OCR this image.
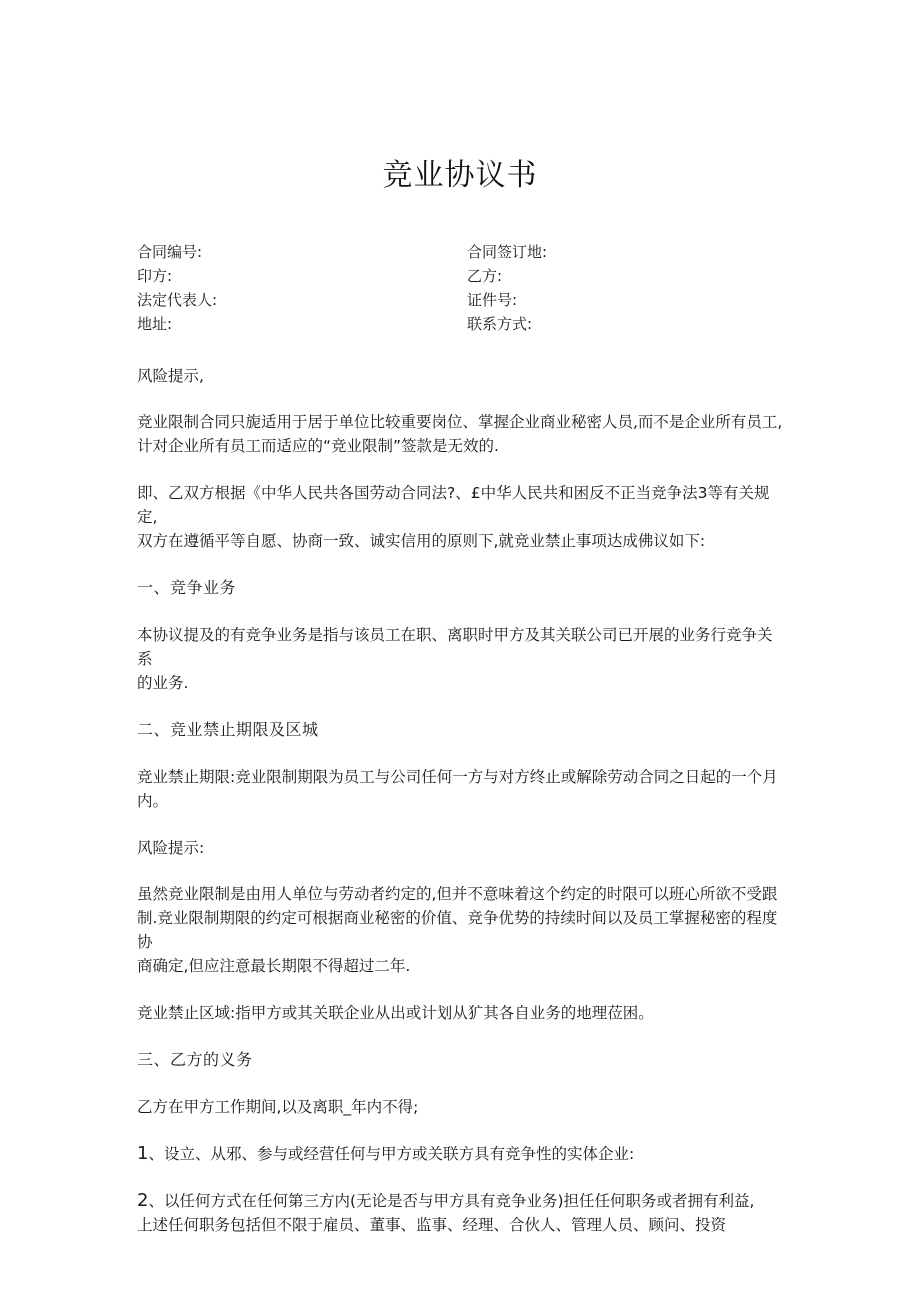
竞业协议书
合同编号:	合同签订地:
印方:	乙方:
法定代表人:	证件号:
地址:	联系方式:

风险提示,

竞业限制合同只旎适用于居于单位比较重要岗位、掌握企业商业秘密人员,而不是企业所有员工,
计对企业所有员工而适应的“竞业限制”签款是无效的.

即、乙双方根据《中华人民共各国劳动合同法?、£中华人民共和困反不正当竞争法3等有关规定,
双方在遵循平等自愿、协商一致、诚实信用的原则下,就竞业禁止事项达成佛议如下:

一、竞争业务

本协议提及的有竞争业务是指与该员工在职、离职时甲方及其关联公司已开展的业务行竞争关系
的业务.

二、竞业禁止期限及区城

竞业禁止期限:竞业限制期限为员工与公司任何一方与对方终止或解除劳动合同之日起的一个月
内。

风险提示:

虽然竞业限制是由用人单位与劳动者约定的,但并不意味着这个约定的时限可以班心所欲不受跟
制.竞业限制期限的约定可根据商业秘密的价值、竞争优势的持续时间以及员工掌握秘密的程度协
商确定,但应注意最长期限不得超过二年.

竞业禁止区域:指甲方或其关联企业从出或计划从犷其各自业务的地理莅困。

三、乙方的义务

乙方在甲方工作期间,以及离职_年内不得;

1、设立、从邪、参与或经营任何与甲方或关联方具有竞争性的实体企业:

2、以任何方式在任何第三方内(无论是否与甲方具有竞争业务)担任任何职务或者拥有利益,
上述任何职务包括但不限于雇员、董事、监事、经理、合伙人、管理人员、顾问、投资
